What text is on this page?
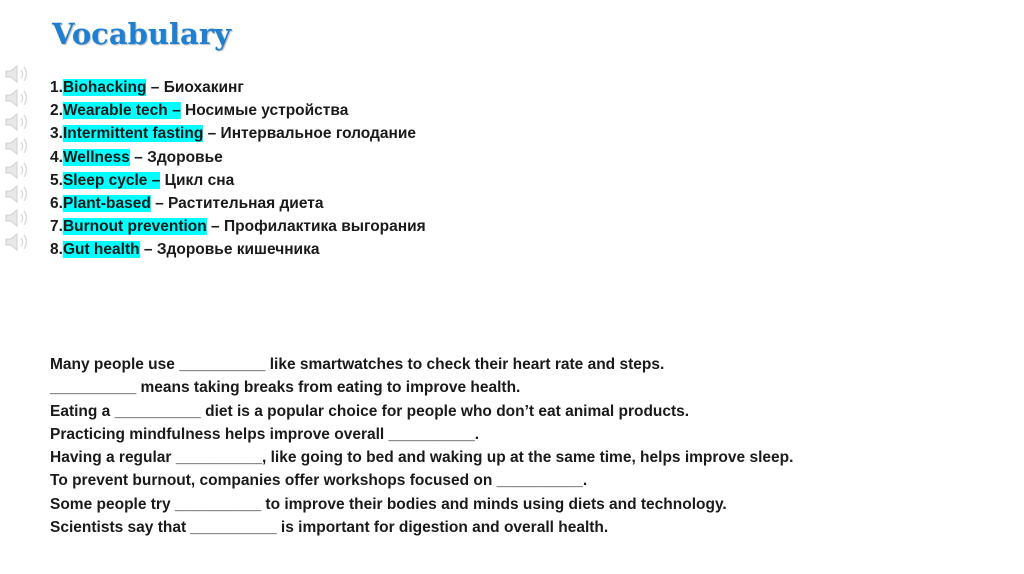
Vocabulary
1.Biohacking – Биохакинг
2.Wearable tech – Носимые устройства
3.Intermittent fasting – Интервальное голодание
4.Wellness – Здоровье
5.Sleep cycle – Цикл сна
6.Plant-based – Растительная диета
7.Burnout prevention – Профилактика выгорания
8.Gut health – Здоровье кишечника
Many people use __________ like smartwatches to check their heart rate and steps.
__________ means taking breaks from eating to improve health.
Eating a __________ diet is a popular choice for people who don’t eat animal products.
Practicing mindfulness helps improve overall __________.
Having a regular __________, like going to bed and waking up at the same time, helps improve sleep.
To prevent burnout, companies offer workshops focused on __________.
Some people try __________ to improve their bodies and minds using diets and technology.
Scientists say that __________ is important for digestion and overall health.
